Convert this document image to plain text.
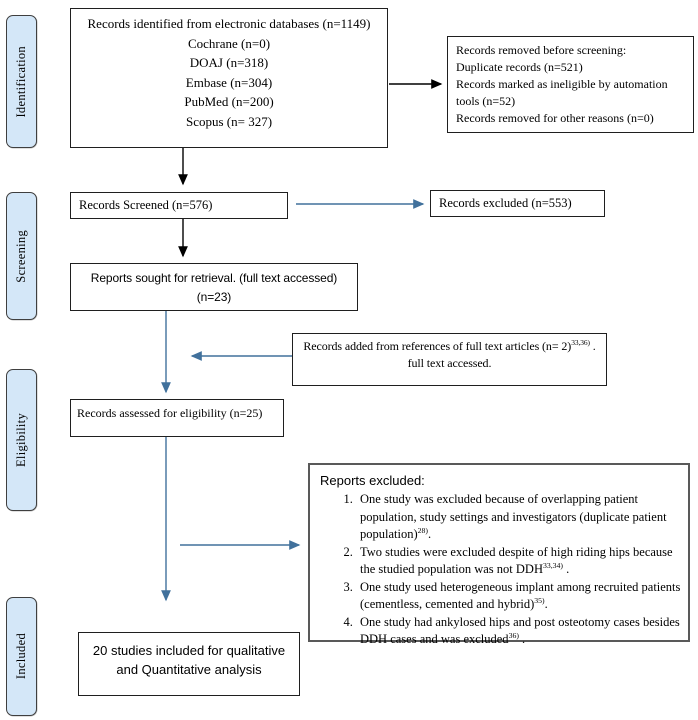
Identification
Screening
Eligibility
Included
Records identified from electronic databases (n=1149)
Cochrane (n=0)
DOAJ (n=318)
Embase (n=304)
PubMed (n=200)
Scopus (n= 327)
Records removed before screening:
Duplicate records (n=521)
Records marked as ineligible by automation tools (n=52)
Records removed for other reasons (n=0)
Records Screened (n=576)	Records excluded (n=553)
Reports sought for retrieval. (full text accessed)
(n=23)
Records added from references of full text articles (n= 2)$^{33,36)}$ .
full text accessed.
Records assessed for eligibility (n=25)
Reports excluded:
1. One study was excluded because of overlapping patient population, study settings and investigators (duplicate patient population)$^{28)}$.
2. Two studies were excluded despite of high riding hips because the studied population was not DDH$^{33,34)}$ .
3. One study used heterogeneous implant among recruited patients (cementless, cemented and hybrid)$^{35)}$.
4. One study had ankylosed hips and post osteotomy cases besides DDH cases and was excluded$^{36)}$ .
20 studies included for qualitative
and Quantitative analysis
